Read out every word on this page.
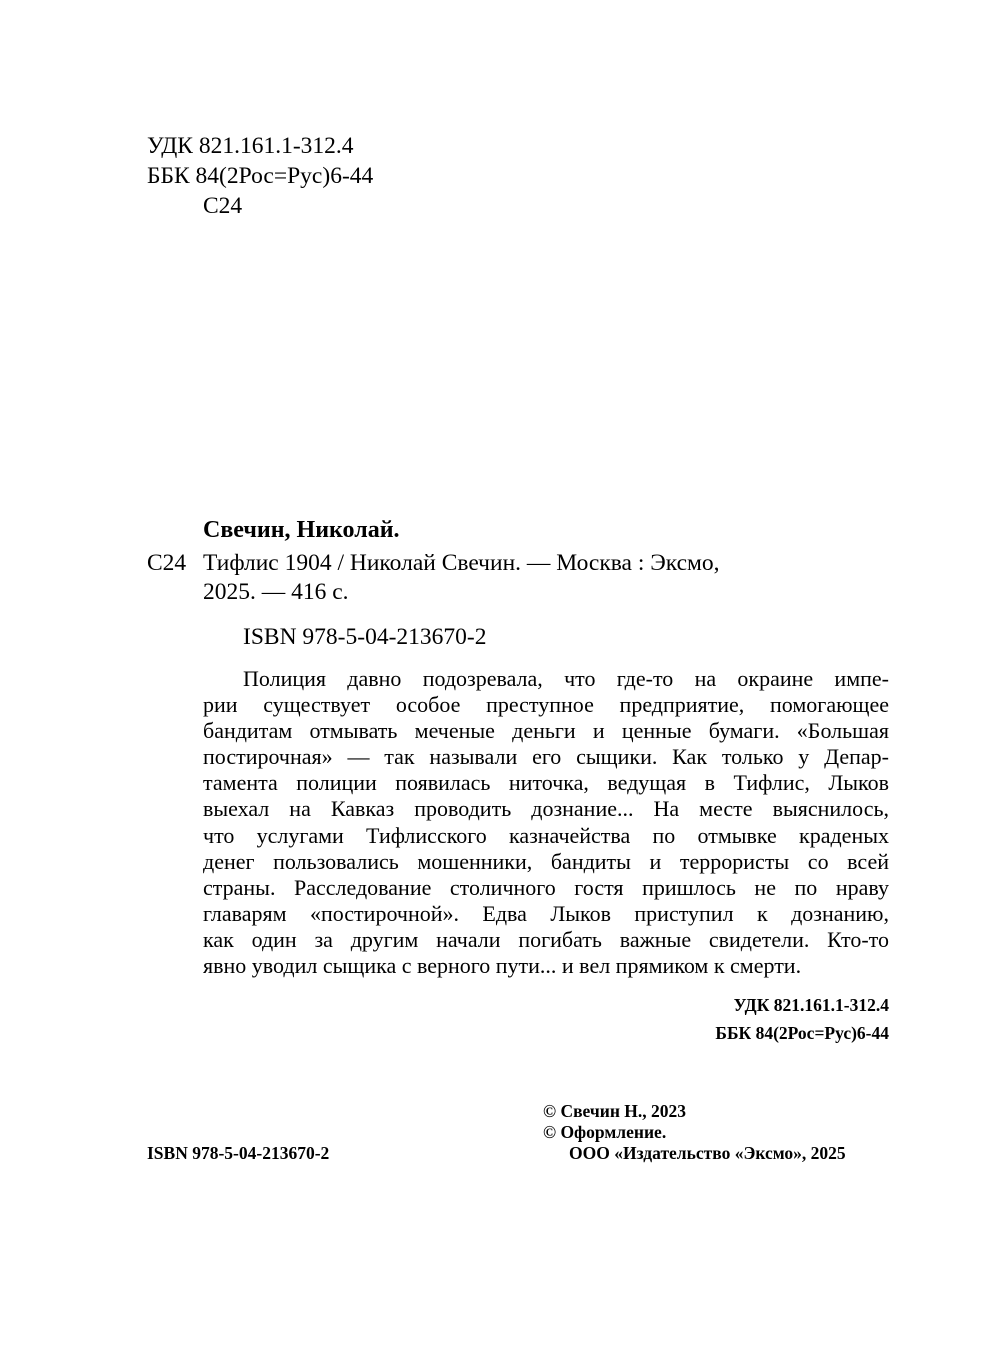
УДК 821.161.1-312.4
ББК 84(2Рос=Рус)6-44
С24
Свечин, Николай.
С24 Тифлис 1904 / Николай Свечин. — Москва : Эксмо,
2025. — 416 с.
ISBN 978-5-04-213670-2
Полиция давно подозревала, что где-то на окраине импе-
рии существует особое преступное предприятие, помогающее
бандитам отмывать меченые деньги и ценные бумаги. «Большая
постирочная» — так называли его сыщики. Как только у Депар-
тамента полиции появилась ниточка, ведущая в Тифлис, Лыков
выехал на Кавказ проводить дознание... На месте выяснилось,
что услугами Тифлисского казначейства по отмывке краденых
денег пользовались мошенники, бандиты и террористы со всей
страны. Расследование столичного гостя пришлось не по нраву
главарям «постирочной». Едва Лыков приступил к дознанию,
как один за другим начали погибать важные свидетели. Кто-то
явно уводил сыщика с верного пути... и вел прямиком к смерти.
УДК 821.161.1-312.4
ББК 84(2Рос=Рус)6-44
© Свечин Н., 2023
© Оформление.
ООО «Издательство «Эксмо», 2025
ISBN 978-5-04-213670-2
